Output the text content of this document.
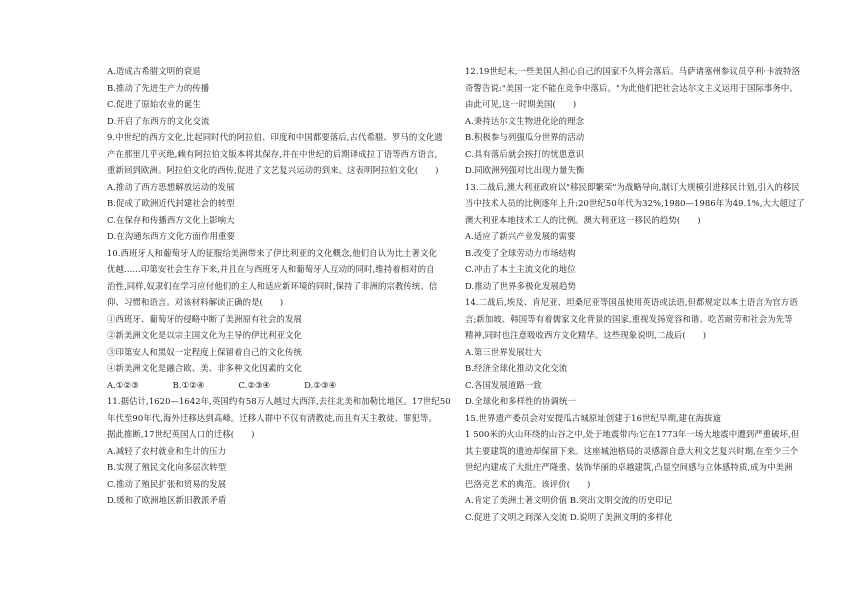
A.造成古希腊文明的衰退
B.推动了先进生产力的传播
C.促进了原始农业的诞生
D.开启了东西方的文化交流
9.中世纪的西方文化,比起同时代的阿拉伯、印度和中国都要落后,古代希腊、罗马的文化遗
产在那里几乎灭绝,赖有阿拉伯文版本将其保存,并在中世纪的后期译成拉丁语等西方语言,
重新回到欧洲。阿拉伯文化的西传,促进了文艺复兴运动的到来。这表明阿拉伯文化(　　)
A.推动了西方思想解放运动的发展
B.促成了欧洲近代封建社会的转型
C.在保存和传播西方文化上影响大
D.在沟通东西方文化方面作用重要
10.西班牙人和葡萄牙人的征服给美洲带来了伊比利亚的文化概念,他们自认为比土著文化
优越……印第安社会生存下来,并且在与西班牙人和葡萄牙人互动的同时,维持着相对的自
治性,同样,奴隶们在学习应付他们的主人和适应新环境的同时,保持了非洲的宗教传统、信
仰、习惯和语言。对该材料解读正确的是(　　)
①西班牙、葡萄牙的侵略中断了美洲原有社会的发展
②新美洲文化是以宗主国文化为主导的伊比利亚文化
③印第安人和黑奴一定程度上保留着自己的文化传统
④新美洲文化是融合欧、美、非多种文化因素的文化
A.①②③　　　　B.①②④　　　　C.②③④　　　　D.①③④
11.据估计,1620—1642年,英国约有58万人越过大西洋,去往北美和加勒比地区。17世纪50
年代至90年代,海外迁移达到高峰。迁移人群中不仅有清教徒,而且有天主教徒、罪犯等。
据此推断,17世纪英国人口的迁移(　　)
A.减轻了农村就业和生计的压力
B.实现了殖民文化向多层次转型
C.推动了殖民扩张和贸易的发展
D.缓和了欧洲地区新旧教派矛盾
12.19世纪末,一些美国人担心自己的国家不久将会落后。马萨诸塞州参议员亨利·卡波特洛
奇警告说:"美国一定不能在竞争中落后。"为此他们把社会达尔文主义运用于国际事务中。
由此可见,这一时期美国(　　)
A.秉持达尔文生物进化论的理念
B.积极参与列强瓜分世界的活动
C.具有落后就会挨打的忧患意识
D.同欧洲列强对比出现力量失衡
13.二战后,澳大利亚政府以"移民即繁荣"为战略导向,制订大规模引进移民计划,引入的移民
当中技术人员的比例逐年上升:20世纪50年代为32%,1980—1986年为49.1%,大大超过了
澳大利亚本地技术工人的比例。澳大利亚这一移民的趋势(　　)
A.适应了新兴产业发展的需要
B.改变了全球劳动力市场结构
C.冲击了本土主流文化的地位
D.推动了世界多极化发展趋势
14.二战后,埃及、肯尼亚、坦桑尼亚等国虽使用英语或法语,但都规定以本土语言为官方语
言;新加坡、韩国等有着儒家文化背景的国家,重视发扬宽容和谐、吃苦耐劳和社会为先等
精神,同时也注意吸收西方文化精华。这些现象说明,二战后(　　)
A.第三世界发展壮大
B.经济全球化推动文化交流
C.各国发展道路一致
D.全球化和多样性的协调统一
15.世界遗产委员会对安提瓜古城原址创建于16世纪早期,建在海拔逾
1 500米的火山环绕的山谷之中,处于地震带内:它在1773年一场大地震中遭到严重破坏,但
其主要建筑的遗迹却保留下来。这座城池格局的灵感源自意大利文艺复兴时期,在至少三个
世纪内建成了大批庄严隆重、装饰华丽的卓越建筑,凸显空间感与立体感特质,成为中美洲
巴洛克艺术的典范。该评价(　　)
A.肯定了美洲土著文明价值 B.突出文明交流的历史印记
C.促进了文明之间深入交流 D.说明了美洲文明的多样化
